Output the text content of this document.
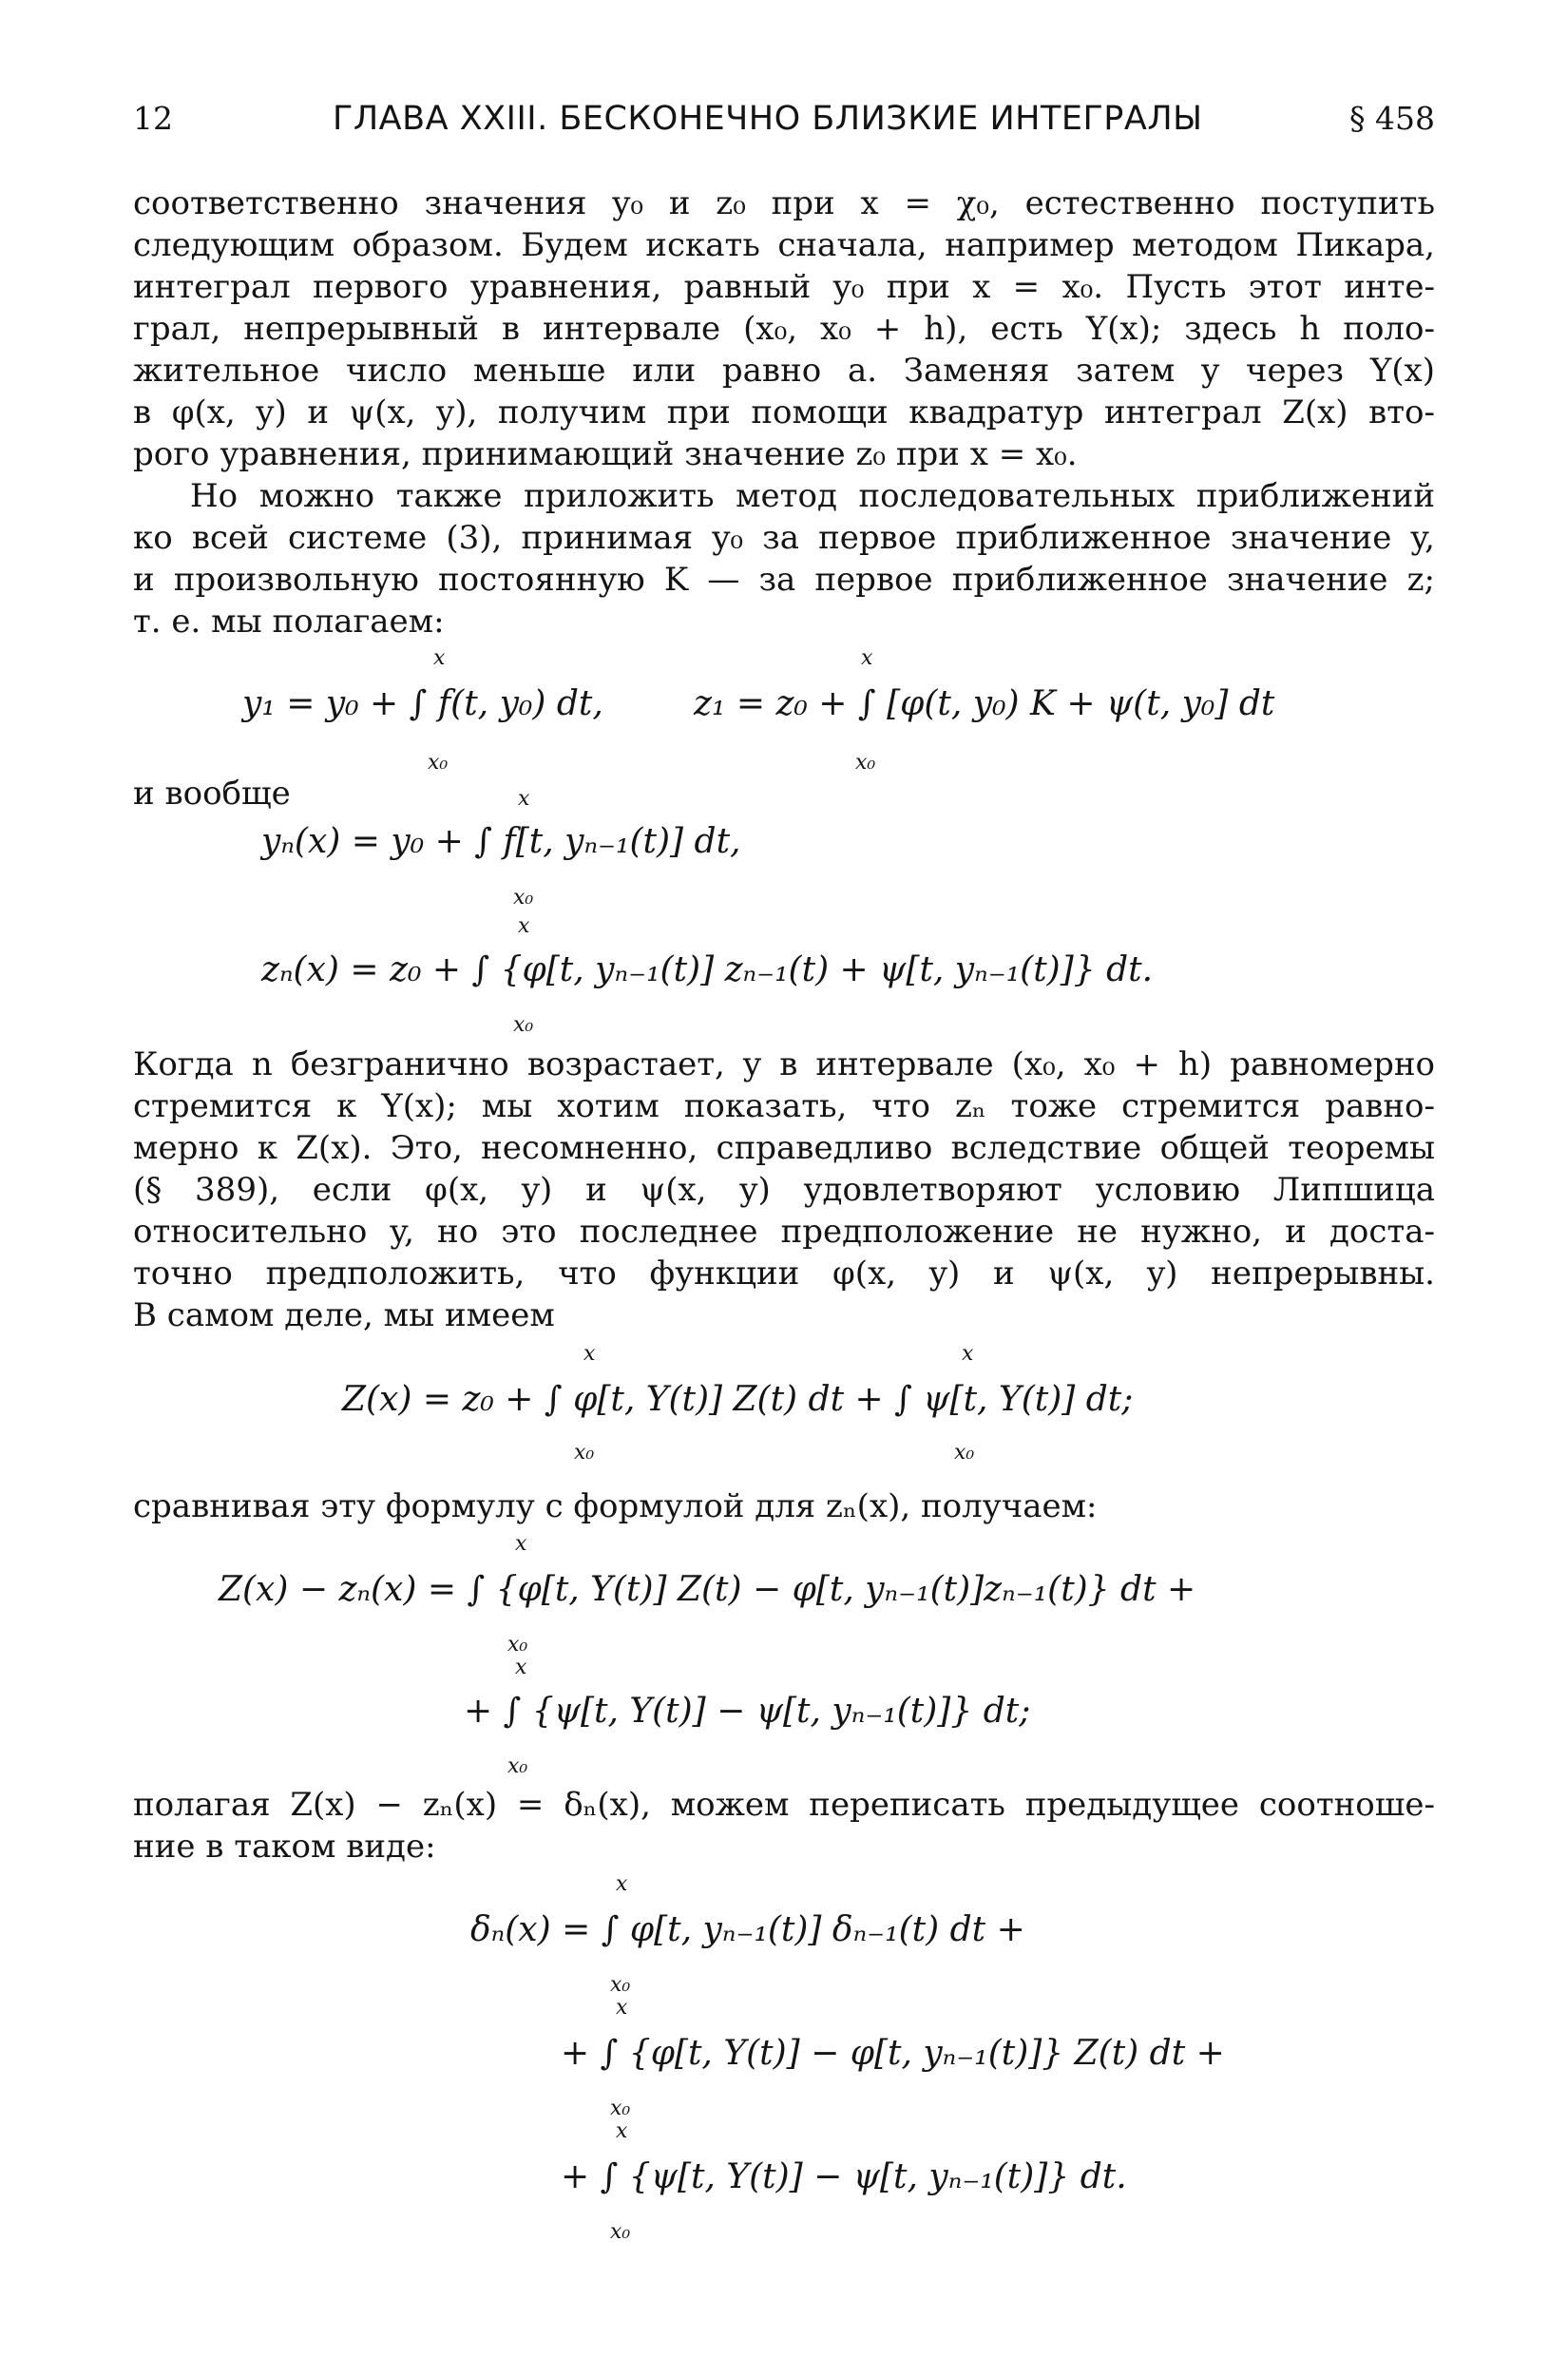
12	ГЛАВА XXIII. БЕСКОНЕЧНО БЛИЗКИЕ ИНТЕГРАЛЫ	§ 458
соответственно значения y₀ и z₀ при x = χ₀, естественно поступить
следующим образом. Будем искать сначала, например методом Пикара,
интеграл первого уравнения, равный y₀ при x = x₀. Пусть этот инте-
грал, непрерывный в интервале (x₀, x₀ + h), есть Y(x); здесь h поло-
жительное число меньше или равно a. Заменяя затем y через Y(x)
в φ(x, y) и ψ(x, y), получим при помощи квадратур интеграл Z(x) вто-
рого уравнения, принимающий значение z₀ при x = x₀.
Но можно также приложить метод последовательных приближений
ко всей системе (3), принимая y₀ за первое приближенное значение y,
и произвольную постоянную K — за первое приближенное значение z;
т. е. мы полагаем:
y₁ = y₀ + ∫ f(t, y₀) dt,	z₁ = z₀ + ∫ [φ(t, y₀) K + ψ(t, y₀] dt
x
x₀
x
x₀
и вообще
yₙ(x) = y₀ + ∫ f[t, yₙ₋₁(t)] dt,
x
x₀
zₙ(x) = z₀ + ∫ {φ[t, yₙ₋₁(t)] zₙ₋₁(t) + ψ[t, yₙ₋₁(t)]} dt.
x
x₀
Когда n безгранично возрастает, y в интервале (x₀, x₀ + h) равномерно
стремится к Y(x); мы хотим показать, что zₙ тоже стремится равно-
мерно к Z(x). Это, несомненно, справедливо вследствие общей теоремы
(§ 389), если φ(x, y) и ψ(x, y) удовлетворяют условию Липшица
относительно y, но это последнее предположение не нужно, и доста-
точно предположить, что функции φ(x, y) и ψ(x, y) непрерывны.
В самом деле, мы имеем
Z(x) = z₀ + ∫ φ[t, Y(t)] Z(t) dt + ∫ ψ[t, Y(t)] dt;
x
x₀
x
x₀
сравнивая эту формулу с формулой для zₙ(x), получаем:
Z(x) − zₙ(x) = ∫ {φ[t, Y(t)] Z(t) − φ[t, yₙ₋₁(t)]zₙ₋₁(t)} dt +
x
x₀
+ ∫ {ψ[t, Y(t)] − ψ[t, yₙ₋₁(t)]} dt;
x
x₀
полагая Z(x) − zₙ(x) = δₙ(x), можем переписать предыдущее соотноше-
ние в таком виде:
δₙ(x) = ∫ φ[t, yₙ₋₁(t)] δₙ₋₁(t) dt +
x
x₀
+ ∫ {φ[t, Y(t)] − φ[t, yₙ₋₁(t)]} Z(t) dt +
x
x₀
+ ∫ {ψ[t, Y(t)] − ψ[t, yₙ₋₁(t)]} dt.
x
x₀
